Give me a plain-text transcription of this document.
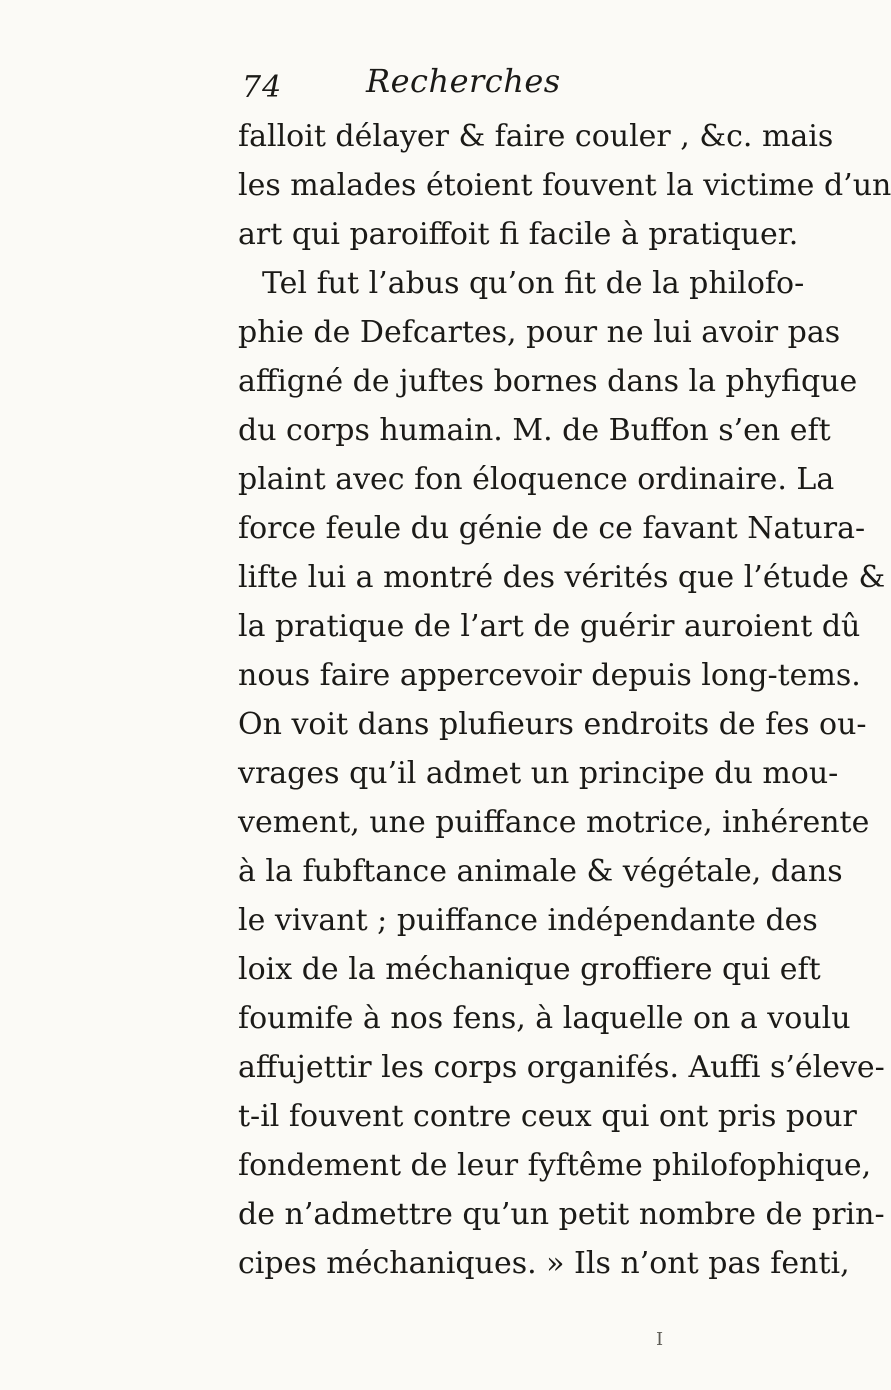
74	Recherches
falloit délayer & faire couler , &c. mais
les malades étoient fouvent la victime d’un
art qui paroiffoit fi facile à pratiquer.
Tel fut l’abus qu’on fit de la philofo-
phie de Defcartes, pour ne lui avoir pas
affigné de juftes bornes dans la phyfique
du corps humain. M. de Buffon s’en eft
plaint avec fon éloquence ordinaire. La
force feule du génie de ce favant Natura-
lifte lui a montré des vérités que l’étude &
la pratique de l’art de guérir auroient dû
nous faire appercevoir depuis long-tems.
On voit dans plufieurs endroits de fes ou-
vrages qu’il admet un principe du mou-
vement, une puiffance motrice, inhérente
à la fubftance animale & végétale, dans
le vivant ; puiffance indépendante des
loix de la méchanique groffiere qui eft
foumife à nos fens, à laquelle on a voulu
affujettir les corps organifés. Auffi s’éleve-
t-il fouvent contre ceux qui ont pris pour
fondement de leur fyftême philofophique,
de n’admettre qu’un petit nombre de prin-
cipes méchaniques. » Ils n’ont pas fenti,
I
